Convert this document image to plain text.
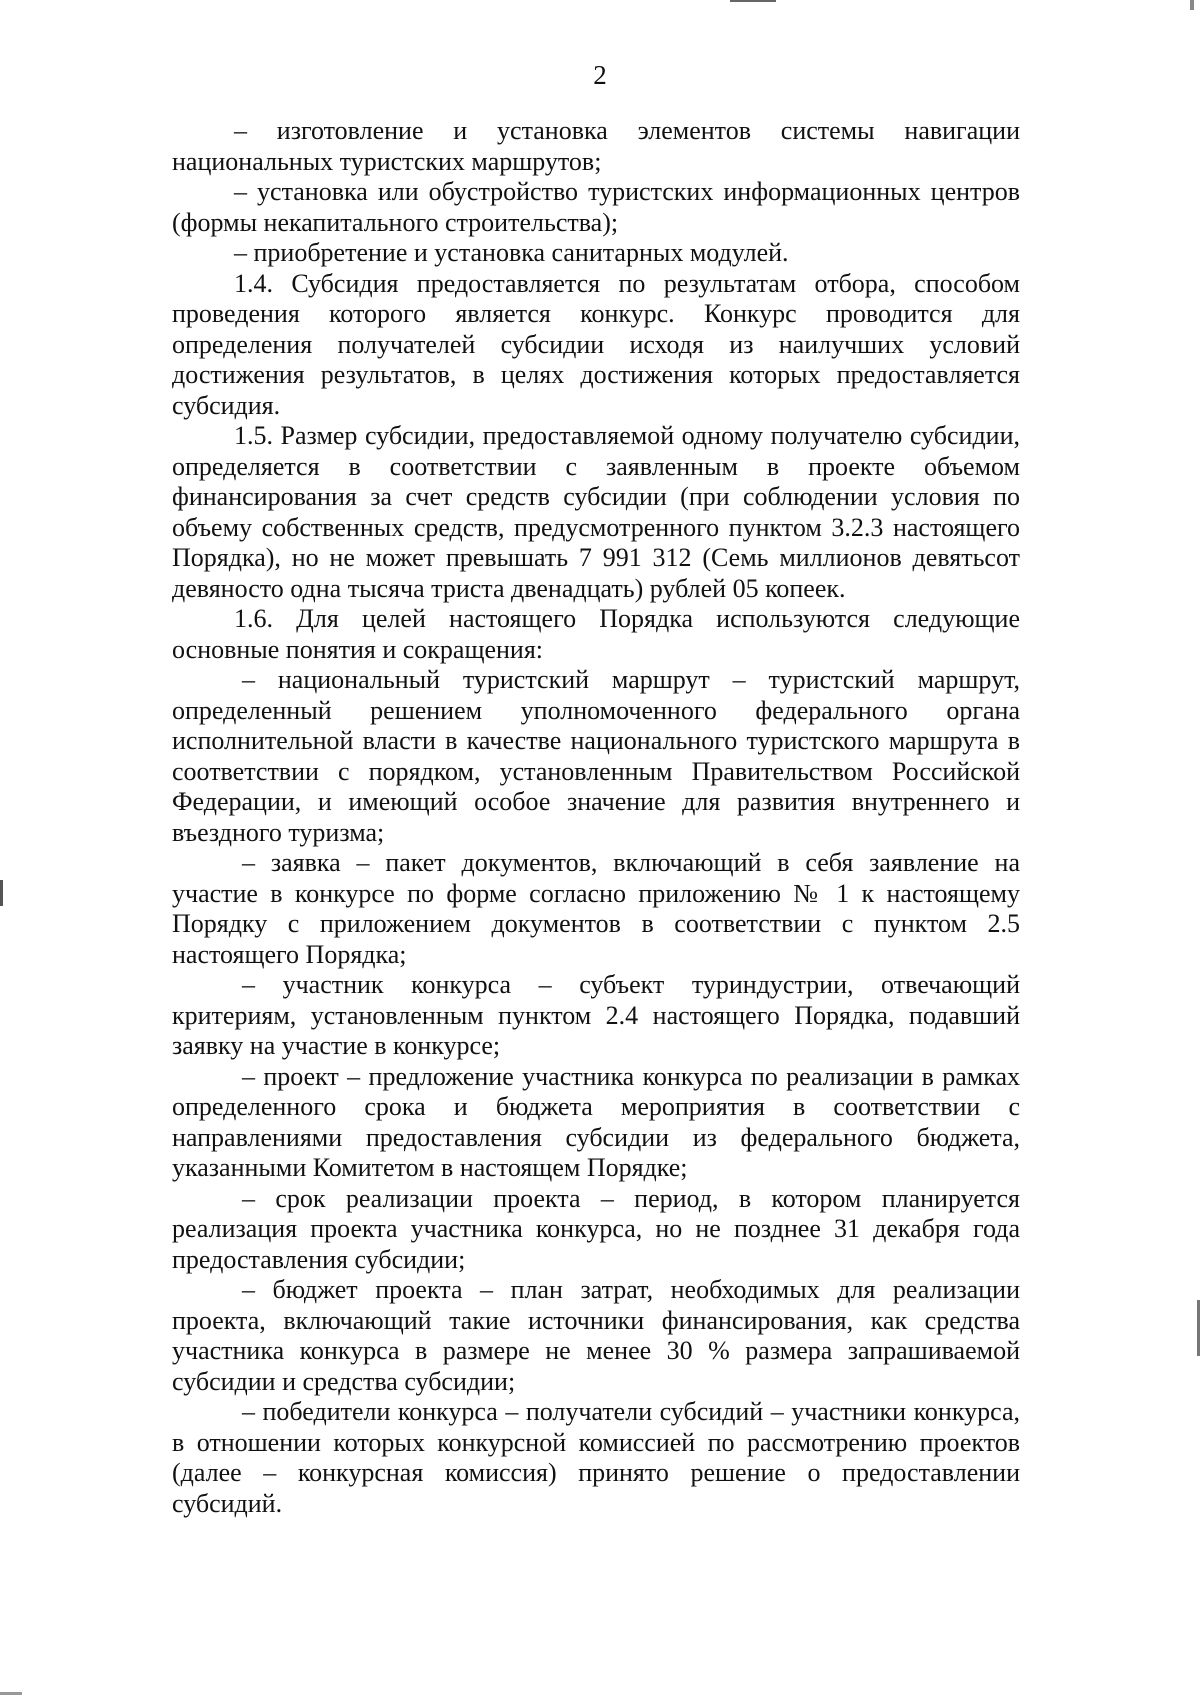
2

– изготовление и установка элементов системы навигации национальных туристских маршрутов;

– установка или обустройство туристских информационных центров (формы некапитального строительства);

– приобретение и установка санитарных модулей.

1.4. Субсидия предоставляется по результатам отбора, способом проведения которого является конкурс. Конкурс проводится для определения получателей субсидии исходя из наилучших условий достижения результатов, в целях достижения которых предоставляется субсидия.

1.5. Размер субсидии, предоставляемой одному получателю субсидии, определяется в соответствии с заявленным в проекте объемом финансирования за счет средств субсидии (при соблюдении условия по объему собственных средств, предусмотренного пунктом 3.2.3 настоящего Порядка), но не может превышать 7 991 312 (Семь миллионов девятьсот девяносто одна тысяча триста двенадцать) рублей 05 копеек.

1.6. Для целей настоящего Порядка используются следующие основные понятия и сокращения:

– национальный туристский маршрут – туристский маршрут, определенный решением уполномоченного федерального органа исполнительной власти в качестве национального туристского маршрута в соответствии с порядком, установленным Правительством Российской Федерации, и имеющий особое значение для развития внутреннего и въездного туризма;

– заявка – пакет документов, включающий в себя заявление на участие в конкурсе по форме согласно приложению № 1 к настоящему Порядку с приложением документов в соответствии с пунктом 2.5 настоящего Порядка;

– участник конкурса – субъект туриндустрии, отвечающий критериям, установленным пунктом 2.4 настоящего Порядка, подавший заявку на участие в конкурсе;

– проект – предложение участника конкурса по реализации в рамках определенного срока и бюджета мероприятия в соответствии с направлениями предоставления субсидии из федерального бюджета, указанными Комитетом в настоящем Порядке;

– срок реализации проекта – период, в котором планируется реализация проекта участника конкурса, но не позднее 31 декабря года предоставления субсидии;

– бюджет проекта – план затрат, необходимых для реализации проекта, включающий такие источники финансирования, как средства участника конкурса в размере не менее 30 % размера запрашиваемой субсидии и средства субсидии;

– победители конкурса – получатели субсидий – участники конкурса, в отношении которых конкурсной комиссией по рассмотрению проектов (далее – конкурсная комиссия) принято решение о предоставлении субсидий.
